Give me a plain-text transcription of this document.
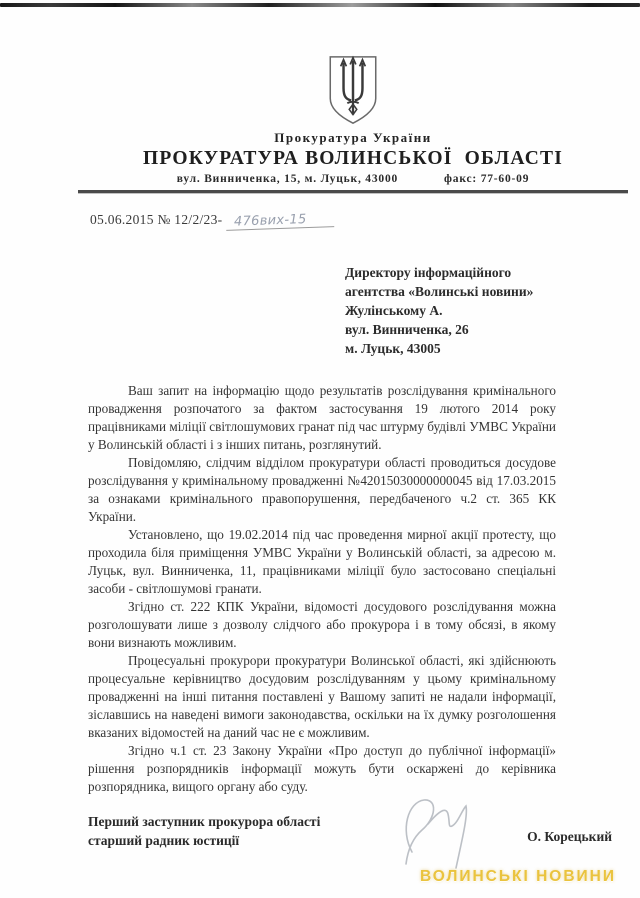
Прокуратура України
ПРОКУРАТУРА ВОЛИНСЬКОЇ  ОБЛАСТІ
вул. Винниченка, 15, м. Луцьк, 43000	факс: 77-60-09
05.06.2015 № 12/2/23- 476вих-15
Директору інформаційного
агентства «Волинські новини»
Жулінському А.
вул. Винниченка, 26
м. Луцьк, 43005

Ваш запит на інформацію щодо результатів розслідування кримінального провадження розпочатого за фактом застосування 19 лютого 2014 року працівниками міліції світлошумових гранат під час штурму будівлі УМВС України у Волинській області і з інших питань, розглянутий.

Повідомляю, слідчим відділом прокуратури області проводиться досудове розслідування у кримінальному провадженні №42015030000000045 від 17.03.2015 за ознаками кримінального правопорушення, передбаченого ч.2 ст. 365 КК України.

Установлено, що 19.02.2014 під час проведення мирної акції протесту, що проходила біля приміщення УМВС України у Волинській області, за адресою м. Луцьк, вул. Винниченка, 11, працівниками міліції було застосовано спеціальні засоби - світлошумові гранати.

Згідно ст. 222 КПК України, відомості досудового розслідування можна розголошувати лише з дозволу слідчого або прокурора і в тому обсязі, в якому вони визнають можливим.

Процесуальні прокурори прокуратури Волинської області, які здійснюють процесуальне керівництво досудовим розслідуванням у цьому кримінальному провадженні на інші питання поставлені у Вашому запиті не надали інформації, зіславшись на наведені вимоги законодавства, оскільки на їх думку розголошення вказаних відомостей на даний час не є можливим.

Згідно ч.1 ст. 23 Закону України «Про доступ до публічної інформації» рішення розпорядників інформації можуть бути оскаржені до керівника розпорядника, вищого органу або суду.

Перший заступник прокурора області
старший радник юстиції	О. Корецький
ВОЛИНСЬКІ НОВИНИ
